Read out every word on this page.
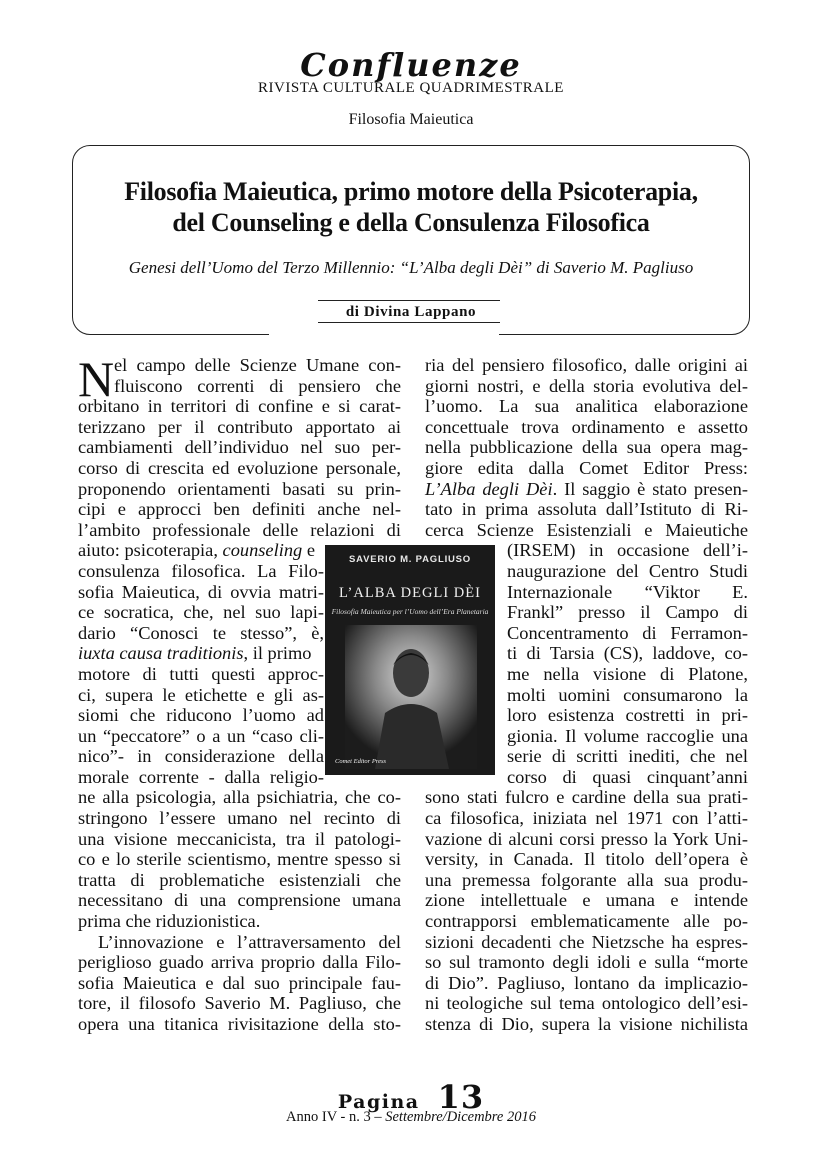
Confluenze
RIVISTA CULTURALE QUADRIMESTRALE
Filosofia Maieutica
Filosofia Maieutica, primo motore della Psicoterapia,
del Counseling e della Consulenza Filosofica
Genesi dell’Uomo del Terzo Millennio: “L’Alba degli Dèi” di Saverio M. Pagliuso
di Divina Lappano
N el campo delle Scienze Umane con-
fluiscono correnti di pensiero che
orbitano in territori di confine e si carat-
terizzano per il contributo apportato ai
cambiamenti dell’individuo nel suo per-
corso di crescita ed evoluzione personale,
proponendo orientamenti basati su prin-
cipi e approcci ben definiti anche nel-
l’ambito professionale delle relazioni di
aiuto: psicoterapia, counseling e
consulenza filosofica. La Filo-
sofia Maieutica, di ovvia matri-
ce socratica, che, nel suo lapi-
dario “Conosci te stesso”, è,
iuxta causa traditionis, il primo
motore di tutti questi approc-
ci, supera le etichette e gli as-
siomi che riducono l’uomo ad
un “peccatore” o a un “caso cli-
nico”- in considerazione della
morale corrente - dalla religio-
ne alla psicologia, alla psichiatria, che co-
stringono l’essere umano nel recinto di
una visione meccanicista, tra il patologi-
co e lo sterile scientismo, mentre spesso si
tratta di problematiche esistenziali che
necessitano di una comprensione umana
prima che riduzionistica.
L’innovazione e l’attraversamento del
periglioso guado arriva proprio dalla Filo-
sofia Maieutica e dal suo principale fau-
tore, il filosofo Saverio M. Pagliuso, che
opera una titanica rivisitazione della sto-
ria del pensiero filosofico, dalle origini ai
giorni nostri, e della storia evolutiva del-
l’uomo. La sua analitica elaborazione
concettuale trova ordinamento e assetto
nella pubblicazione della sua opera mag-
giore edita dalla Comet Editor Press:
L’Alba degli Dèi. Il saggio è stato presen-
tato in prima assoluta dall’Istituto di Ri-
cerca Scienze Esistenziali e Maieutiche
(IRSEM) in occasione dell’i-
naugurazione del Centro Studi
Internazionale “Viktor E.
Frankl” presso il Campo di
Concentramento di Ferramon-
ti di Tarsia (CS), laddove, co-
me nella visione di Platone,
molti uomini consumarono la
loro esistenza costretti in pri-
gionia. Il volume raccoglie una
serie di scritti inediti, che nel
corso di quasi cinquant’anni
sono stati fulcro e cardine della sua prati-
ca filosofica, iniziata nel 1971 con l’atti-
vazione di alcuni corsi presso la York Uni-
versity, in Canada. Il titolo dell’opera è
una premessa folgorante alla sua produ-
zione intellettuale e umana e intende
contrapporsi emblematicamente alle po-
sizioni decadenti che Nietzsche ha espres-
so sul tramonto degli idoli e sulla “morte
di Dio”. Pagliuso, lontano da implicazio-
ni teologiche sul tema ontologico dell’esi-
stenza di Dio, supera la visione nichilista
SAVERIO M. PAGLIUSO
L’ALBA DEGLI DÈI
Filosofia Maieutica per l’Uomo dell’Era Planetaria
Comet Editor Press
Pagina 13
Anno IV - n. 3 – Settembre/Dicembre 2016
